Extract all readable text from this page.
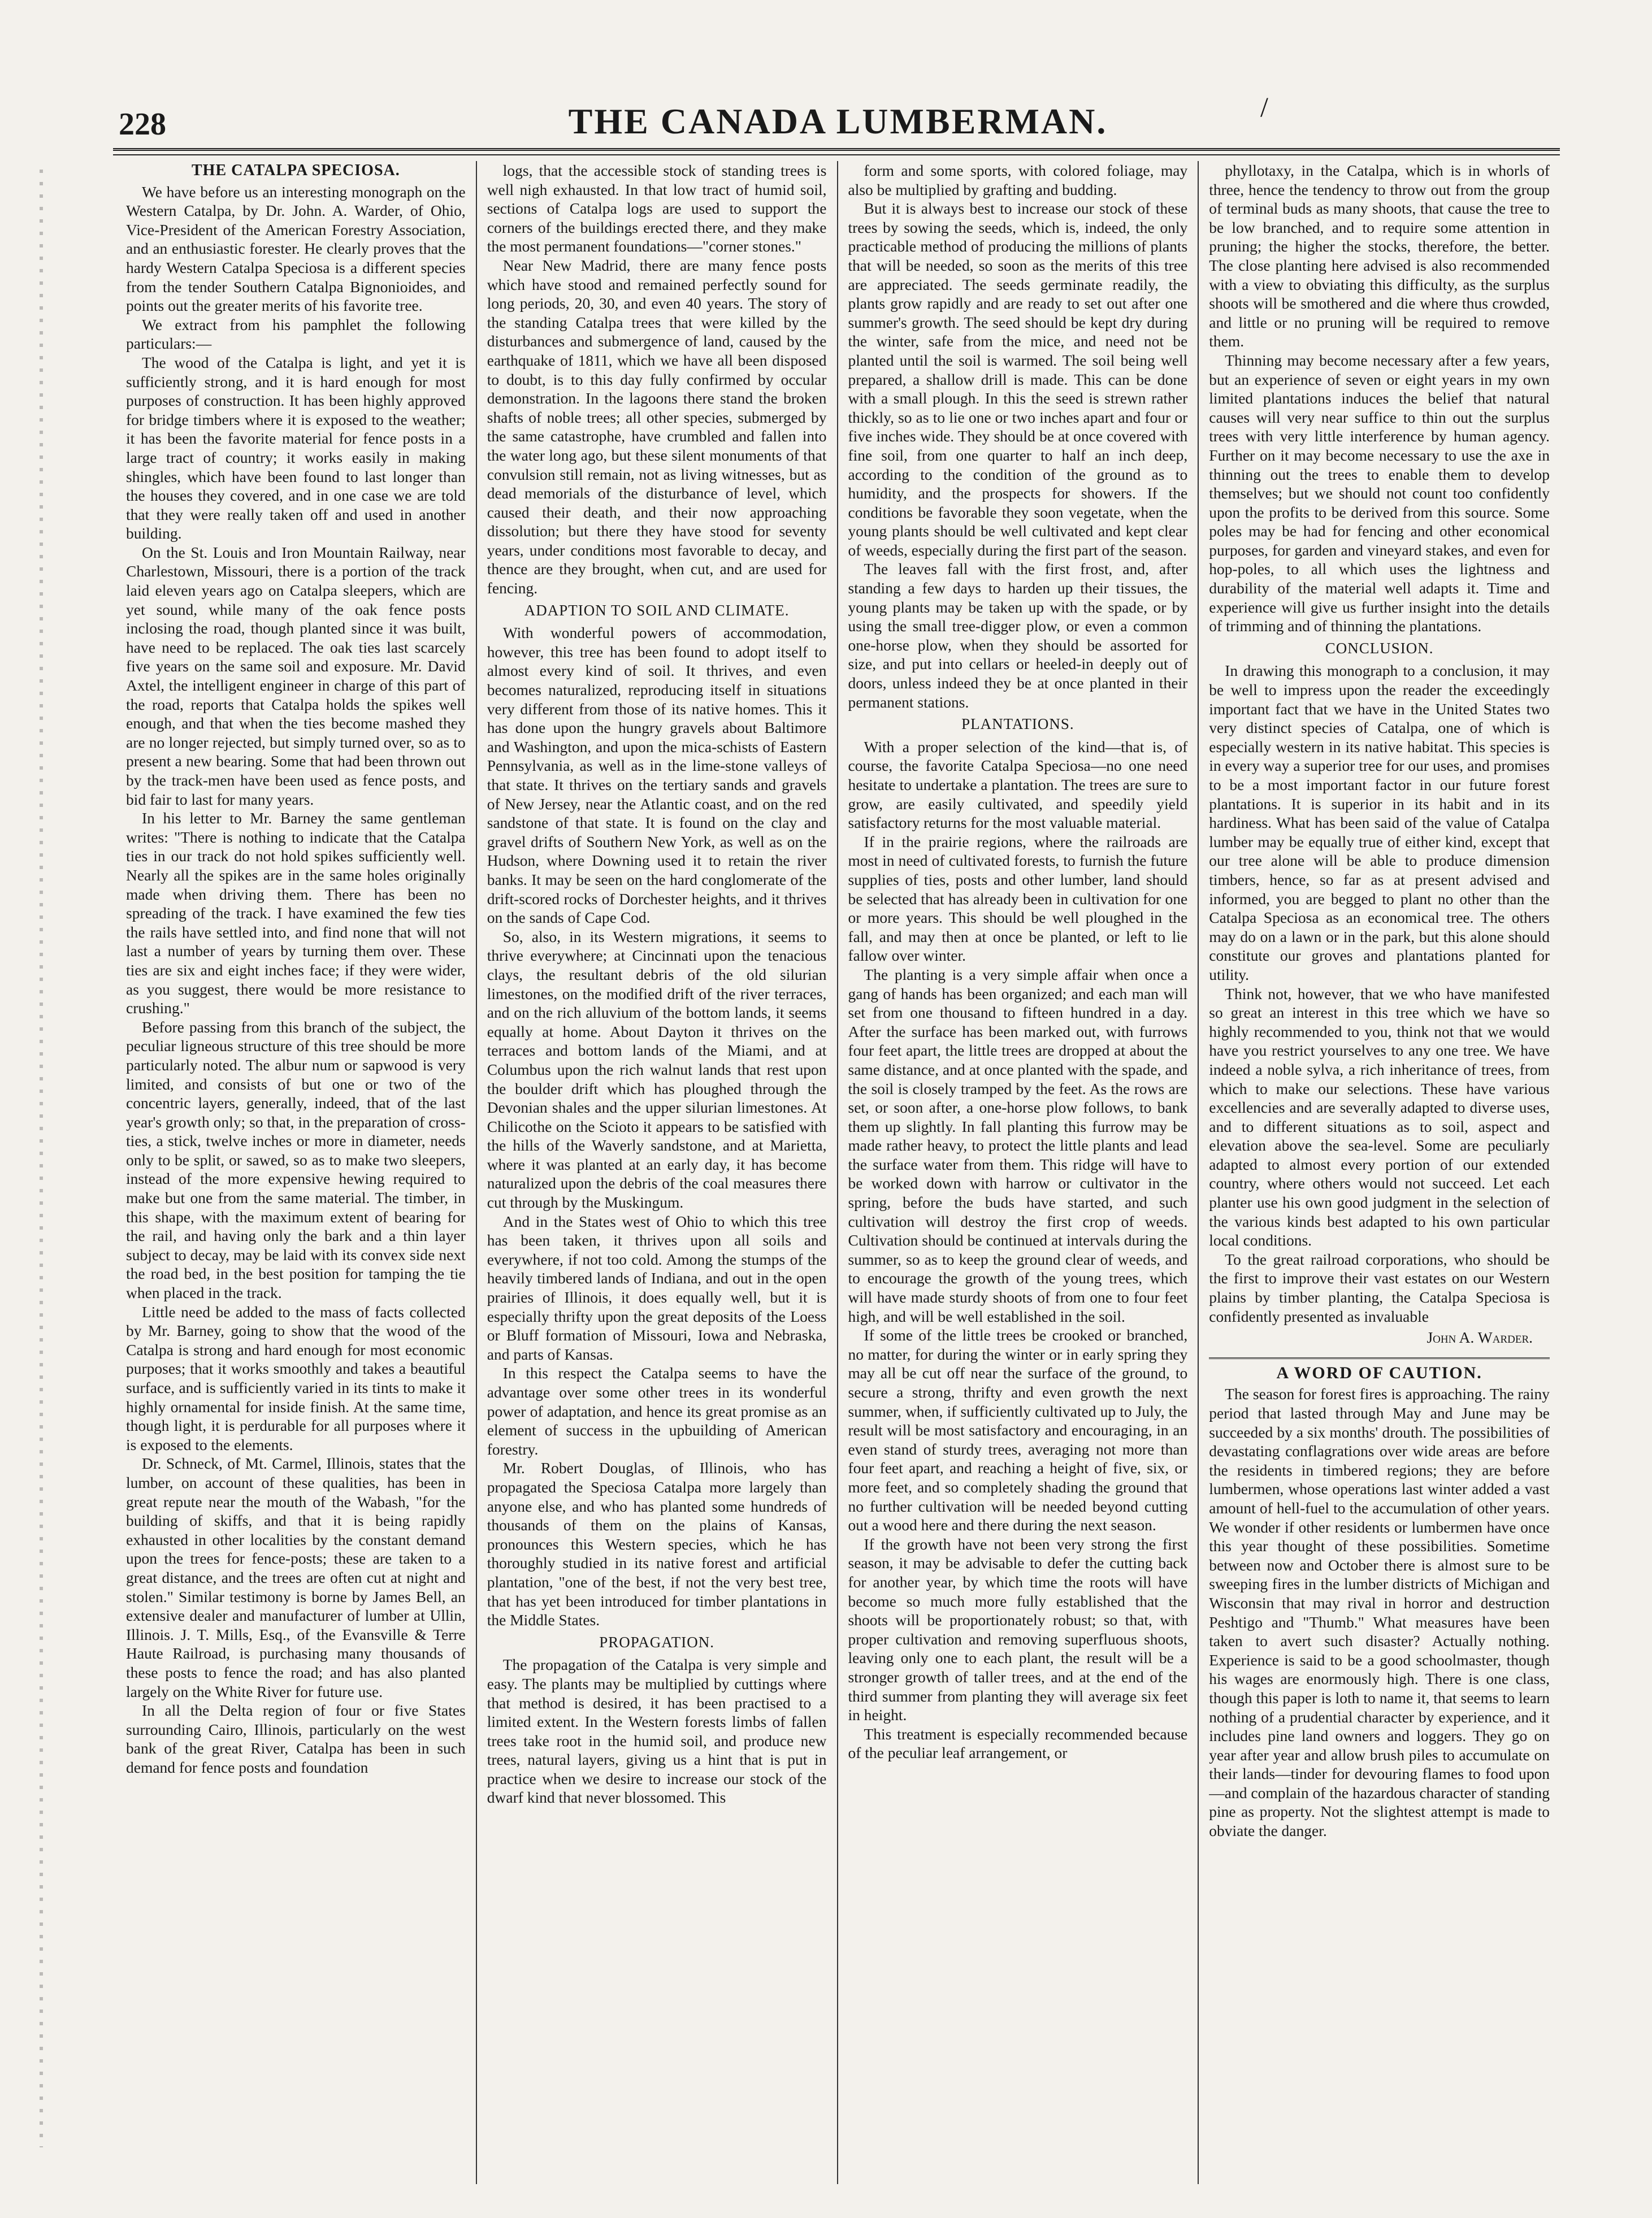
/
228	THE CANADA LUMBERMAN.
THE CATALPA SPECIOSA.

We have before us an interesting monograph on the Western Catalpa, by Dr. John. A. Warder, of Ohio, Vice-President of the American Forestry Association, and an enthusiastic forester. He clearly proves that the hardy Western Catalpa Speciosa is a different species from the tender Southern Catalpa Bignonioides, and points out the greater merits of his favorite tree.

We extract from his pamphlet the following particulars:—

The wood of the Catalpa is light, and yet it is sufficiently strong, and it is hard enough for most purposes of construction. It has been highly approved for bridge timbers where it is exposed to the weather; it has been the favorite material for fence posts in a large tract of country; it works easily in making shingles, which have been found to last longer than the houses they covered, and in one case we are told that they were really taken off and used in another building.

On the St. Louis and Iron Mountain Railway, near Charlestown, Missouri, there is a portion of the track laid eleven years ago on Catalpa sleepers, which are yet sound, while many of the oak fence posts inclosing the road, though planted since it was built, have need to be replaced. The oak ties last scarcely five years on the same soil and exposure. Mr. David Axtel, the intelligent engineer in charge of this part of the road, reports that Catalpa holds the spikes well enough, and that when the ties become mashed they are no longer rejected, but simply turned over, so as to present a new bearing. Some that had been thrown out by the track-men have been used as fence posts, and bid fair to last for many years.

In his letter to Mr. Barney the same gentleman writes: "There is nothing to indicate that the Catalpa ties in our track do not hold spikes sufficiently well. Nearly all the spikes are in the same holes originally made when driving them. There has been no spreading of the track. I have examined the few ties the rails have settled into, and find none that will not last a number of years by turning them over. These ties are six and eight inches face; if they were wider, as you suggest, there would be more resistance to crushing."

Before passing from this branch of the subject, the peculiar ligneous structure of this tree should be more particularly noted. The albur num or sapwood is very limited, and consists of but one or two of the concentric layers, generally, indeed, that of the last year's growth only; so that, in the preparation of cross-ties, a stick, twelve inches or more in diameter, needs only to be split, or sawed, so as to make two sleepers, instead of the more expensive hewing required to make but one from the same material. The timber, in this shape, with the maximum extent of bearing for the rail, and having only the bark and a thin layer subject to decay, may be laid with its convex side next the road bed, in the best position for tamping the tie when placed in the track.

Little need be added to the mass of facts collected by Mr. Barney, going to show that the wood of the Catalpa is strong and hard enough for most economic purposes; that it works smoothly and takes a beautiful surface, and is sufficiently varied in its tints to make it highly ornamental for inside finish. At the same time, though light, it is perdurable for all purposes where it is exposed to the elements.

Dr. Schneck, of Mt. Carmel, Illinois, states that the lumber, on account of these qualities, has been in great repute near the mouth of the Wabash, "for the building of skiffs, and that it is being rapidly exhausted in other localities by the constant demand upon the trees for fence-posts; these are taken to a great distance, and the trees are often cut at night and stolen." Similar testimony is borne by James Bell, an extensive dealer and manufacturer of lumber at Ullin, Illinois. J. T. Mills, Esq., of the Evansville & Terre Haute Railroad, is purchasing many thousands of these posts to fence the road; and has also planted largely on the White River for future use.

In all the Delta region of four or five States surrounding Cairo, Illinois, particularly on the west bank of the great River, Catalpa has been in such demand for fence posts and foundation

logs, that the accessible stock of standing trees is well nigh exhausted. In that low tract of humid soil, sections of Catalpa logs are used to support the corners of the buildings erected there, and they make the most permanent foundations—"corner stones."

Near New Madrid, there are many fence posts which have stood and remained perfectly sound for long periods, 20, 30, and even 40 years. The story of the standing Catalpa trees that were killed by the disturbances and submergence of land, caused by the earthquake of 1811, which we have all been disposed to doubt, is to this day fully confirmed by occular demonstration. In the lagoons there stand the broken shafts of noble trees; all other species, submerged by the same catastrophe, have crumbled and fallen into the water long ago, but these silent monuments of that convulsion still remain, not as living witnesses, but as dead memorials of the disturbance of level, which caused their death, and their now approaching dissolution; but there they have stood for seventy years, under conditions most favorable to decay, and thence are they brought, when cut, and are used for fencing.

ADAPTION TO SOIL AND CLIMATE.

With wonderful powers of accommodation, however, this tree has been found to adopt itself to almost every kind of soil. It thrives, and even becomes naturalized, reproducing itself in situations very different from those of its native homes. This it has done upon the hungry gravels about Baltimore and Washington, and upon the mica-schists of Eastern Pennsylvania, as well as in the lime-stone valleys of that state. It thrives on the tertiary sands and gravels of New Jersey, near the Atlantic coast, and on the red sandstone of that state. It is found on the clay and gravel drifts of Southern New York, as well as on the Hudson, where Downing used it to retain the river banks. It may be seen on the hard conglomerate of the drift-scored rocks of Dorchester heights, and it thrives on the sands of Cape Cod.

So, also, in its Western migrations, it seems to thrive everywhere; at Cincinnati upon the tenacious clays, the resultant debris of the old silurian limestones, on the modified drift of the river terraces, and on the rich alluvium of the bottom lands, it seems equally at home. About Dayton it thrives on the terraces and bottom lands of the Miami, and at Columbus upon the rich walnut lands that rest upon the boulder drift which has ploughed through the Devonian shales and the upper silurian limestones. At Chilicothe on the Scioto it appears to be satisfied with the hills of the Waverly sandstone, and at Marietta, where it was planted at an early day, it has become naturalized upon the debris of the coal measures there cut through by the Muskingum.

And in the States west of Ohio to which this tree has been taken, it thrives upon all soils and everywhere, if not too cold. Among the stumps of the heavily timbered lands of Indiana, and out in the open prairies of Illinois, it does equally well, but it is especially thrifty upon the great deposits of the Loess or Bluff formation of Missouri, Iowa and Nebraska, and parts of Kansas.

In this respect the Catalpa seems to have the advantage over some other trees in its wonderful power of adaptation, and hence its great promise as an element of success in the upbuilding of American forestry.

Mr. Robert Douglas, of Illinois, who has propagated the Speciosa Catalpa more largely than anyone else, and who has planted some hundreds of thousands of them on the plains of Kansas, pronounces this Western species, which he has thoroughly studied in its native forest and artificial plantation, "one of the best, if not the very best tree, that has yet been introduced for timber plantations in the Middle States.

PROPAGATION.

The propagation of the Catalpa is very simple and easy. The plants may be multiplied by cuttings where that method is desired, it has been practised to a limited extent. In the Western forests limbs of fallen trees take root in the humid soil, and produce new trees, natural layers, giving us a hint that is put in practice when we desire to increase our stock of the dwarf kind that never blossomed. This

form and some sports, with colored foliage, may also be multiplied by grafting and budding.

But it is always best to increase our stock of these trees by sowing the seeds, which is, indeed, the only practicable method of producing the millions of plants that will be needed, so soon as the merits of this tree are appreciated. The seeds germinate readily, the plants grow rapidly and are ready to set out after one summer's growth. The seed should be kept dry during the winter, safe from the mice, and need not be planted until the soil is warmed. The soil being well prepared, a shallow drill is made. This can be done with a small plough. In this the seed is strewn rather thickly, so as to lie one or two inches apart and four or five inches wide. They should be at once covered with fine soil, from one quarter to half an inch deep, according to the condition of the ground as to humidity, and the prospects for showers. If the conditions be favorable they soon vegetate, when the young plants should be well cultivated and kept clear of weeds, especially during the first part of the season.

The leaves fall with the first frost, and, after standing a few days to harden up their tissues, the young plants may be taken up with the spade, or by using the small tree-digger plow, or even a common one-horse plow, when they should be assorted for size, and put into cellars or heeled-in deeply out of doors, unless indeed they be at once planted in their permanent stations.

PLANTATIONS.

With a proper selection of the kind—that is, of course, the favorite Catalpa Speciosa—no one need hesitate to undertake a plantation. The trees are sure to grow, are easily cultivated, and speedily yield satisfactory returns for the most valuable material.

If in the prairie regions, where the railroads are most in need of cultivated forests, to furnish the future supplies of ties, posts and other lumber, land should be selected that has already been in cultivation for one or more years. This should be well ploughed in the fall, and may then at once be planted, or left to lie fallow over winter.

The planting is a very simple affair when once a gang of hands has been organized; and each man will set from one thousand to fifteen hundred in a day. After the surface has been marked out, with furrows four feet apart, the little trees are dropped at about the same distance, and at once planted with the spade, and the soil is closely tramped by the feet. As the rows are set, or soon after, a one-horse plow follows, to bank them up slightly. In fall planting this furrow may be made rather heavy, to protect the little plants and lead the surface water from them. This ridge will have to be worked down with harrow or cultivator in the spring, before the buds have started, and such cultivation will destroy the first crop of weeds. Cultivation should be continued at intervals during the summer, so as to keep the ground clear of weeds, and to encourage the growth of the young trees, which will have made sturdy shoots of from one to four feet high, and will be well established in the soil.

If some of the little trees be crooked or branched, no matter, for during the winter or in early spring they may all be cut off near the surface of the ground, to secure a strong, thrifty and even growth the next summer, when, if sufficiently cultivated up to July, the result will be most satisfactory and encouraging, in an even stand of sturdy trees, averaging not more than four feet apart, and reaching a height of five, six, or more feet, and so completely shading the ground that no further cultivation will be needed beyond cutting out a wood here and there during the next season.

If the growth have not been very strong the first season, it may be advisable to defer the cutting back for another year, by which time the roots will have become so much more fully established that the shoots will be proportionately robust; so that, with proper cultivation and removing superfluous shoots, leaving only one to each plant, the result will be a stronger growth of taller trees, and at the end of the third summer from planting they will average six feet in height.

This treatment is especially recommended because of the peculiar leaf arrangement, or

phyllotaxy, in the Catalpa, which is in whorls of three, hence the tendency to throw out from the group of terminal buds as many shoots, that cause the tree to be low branched, and to require some attention in pruning; the higher the stocks, therefore, the better. The close planting here advised is also recommended with a view to obviating this difficulty, as the surplus shoots will be smothered and die where thus crowded, and little or no pruning will be required to remove them.

Thinning may become necessary after a few years, but an experience of seven or eight years in my own limited plantations induces the belief that natural causes will very near suffice to thin out the surplus trees with very little interference by human agency. Further on it may become necessary to use the axe in thinning out the trees to enable them to develop themselves; but we should not count too confidently upon the profits to be derived from this source. Some poles may be had for fencing and other economical purposes, for garden and vineyard stakes, and even for hop-poles, to all which uses the lightness and durability of the material well adapts it. Time and experience will give us further insight into the details of trimming and of thinning the plantations.

CONCLUSION.

In drawing this monograph to a conclusion, it may be well to impress upon the reader the exceedingly important fact that we have in the United States two very distinct species of Catalpa, one of which is especially western in its native habitat. This species is in every way a superior tree for our uses, and promises to be a most important factor in our future forest plantations. It is superior in its habit and in its hardiness. What has been said of the value of Catalpa lumber may be equally true of either kind, except that our tree alone will be able to produce dimension timbers, hence, so far as at present advised and informed, you are begged to plant no other than the Catalpa Speciosa as an economical tree. The others may do on a lawn or in the park, but this alone should constitute our groves and plantations planted for utility.

Think not, however, that we who have manifested so great an interest in this tree which we have so highly recommended to you, think not that we would have you restrict yourselves to any one tree. We have indeed a noble sylva, a rich inheritance of trees, from which to make our selections. These have various excellencies and are severally adapted to diverse uses, and to different situations as to soil, aspect and elevation above the sea-level. Some are peculiarly adapted to almost every portion of our extended country, where others would not succeed. Let each planter use his own good judgment in the selection of the various kinds best adapted to his own particular local conditions.

To the great railroad corporations, who should be the first to improve their vast estates on our Western plains by timber planting, the Catalpa Speciosa is confidently presented as invaluable

John A. Warder.
A WORD OF CAUTION.

The season for forest fires is approaching. The rainy period that lasted through May and June may be succeeded by a six months' drouth. The possibilities of devastating conflagrations over wide areas are before the residents in timbered regions; they are before lumbermen, whose operations last winter added a vast amount of hell-fuel to the accumulation of other years. We wonder if other residents or lumbermen have once this year thought of these possibilities. Sometime between now and October there is almost sure to be sweeping fires in the lumber districts of Michigan and Wisconsin that may rival in horror and destruction Peshtigo and "Thumb." What measures have been taken to avert such disaster? Actually nothing. Experience is said to be a good schoolmaster, though his wages are enormously high. There is one class, though this paper is loth to name it, that seems to learn nothing of a prudential character by experience, and it includes pine land owners and loggers. They go on year after year and allow brush piles to accumulate on their lands—tinder for devouring flames to food upon—and complain of the hazardous character of standing pine as property. Not the slightest attempt is made to obviate the danger.
